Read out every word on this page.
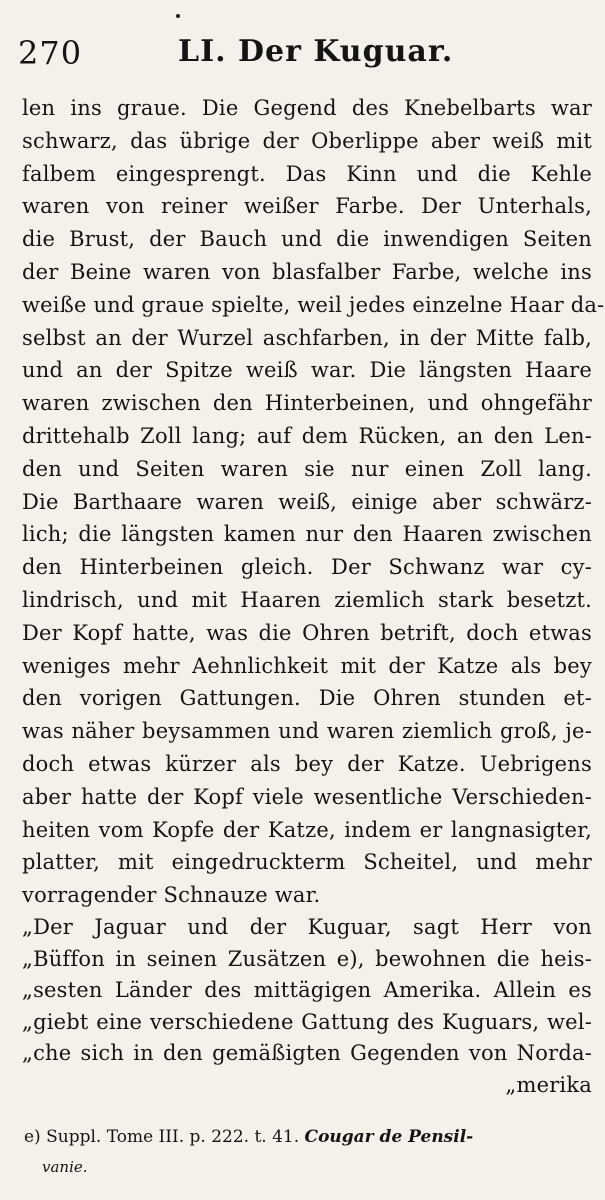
270	LI. Der Kuguar.
len ins graue. Die Gegend des Knebelbarts war
schwarz, das übrige der Oberlippe aber weiß mit
falbem eingesprengt. Das Kinn und die Kehle
waren von reiner weißer Farbe. Der Unterhals,
die Brust, der Bauch und die inwendigen Seiten
der Beine waren von blasfalber Farbe, welche ins
weiße und graue spielte, weil jedes einzelne Haar da-
selbst an der Wurzel aschfarben, in der Mitte falb,
und an der Spitze weiß war. Die längsten Haare
waren zwischen den Hinterbeinen, und ohngefähr
drittehalb Zoll lang; auf dem Rücken, an den Len-
den und Seiten waren sie nur einen Zoll lang.
Die Barthaare waren weiß, einige aber schwärz-
lich; die längsten kamen nur den Haaren zwischen
den Hinterbeinen gleich. Der Schwanz war cy-
lindrisch, und mit Haaren ziemlich stark besetzt.
Der Kopf hatte, was die Ohren betrift, doch etwas
weniges mehr Aehnlichkeit mit der Katze als bey
den vorigen Gattungen. Die Ohren stunden et-
was näher beysammen und waren ziemlich groß, je-
doch etwas kürzer als bey der Katze. Uebrigens
aber hatte der Kopf viele wesentliche Verschieden-
heiten vom Kopfe der Katze, indem er langnasigter,
platter, mit eingedruckterm Scheitel, und mehr
vorragender Schnauze war.
„Der Jaguar und der Kuguar, sagt Herr von
„Büffon in seinen Zusätzen e), bewohnen die heis-
„sesten Länder des mittägigen Amerika. Allein es
„giebt eine verschiedene Gattung des Kuguars, wel-
„che sich in den gemäßigten Gegenden von Norda-
„merika
e) Suppl. Tome III. p. 222. t. 41. Cougar de Pensil-
vanie.
